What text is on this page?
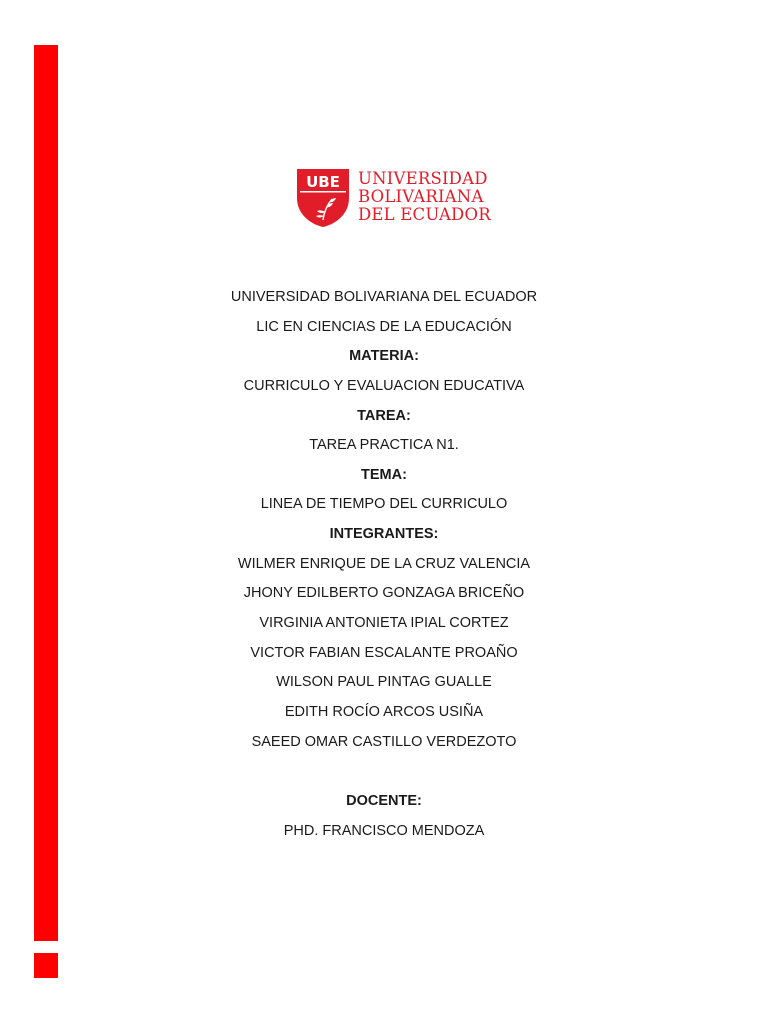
UBE UNIVERSIDAD
BOLIVARIANA
DEL ECUADOR
UNIVERSIDAD BOLIVARIANA DEL ECUADOR
LIC EN CIENCIAS DE LA EDUCACIÓN
MATERIA:
CURRICULO Y EVALUACION EDUCATIVA
TAREA:
TAREA PRACTICA N1.
TEMA:
LINEA DE TIEMPO DEL CURRICULO
INTEGRANTES:
WILMER ENRIQUE DE LA CRUZ VALENCIA
JHONY EDILBERTO GONZAGA BRICEÑO
VIRGINIA ANTONIETA IPIAL CORTEZ
VICTOR FABIAN ESCALANTE PROAÑO
WILSON PAUL PINTAG GUALLE
EDITH ROCÍO ARCOS USIÑA
SAEED OMAR CASTILLO VERDEZOTO
DOCENTE:
PHD. FRANCISCO MENDOZA
